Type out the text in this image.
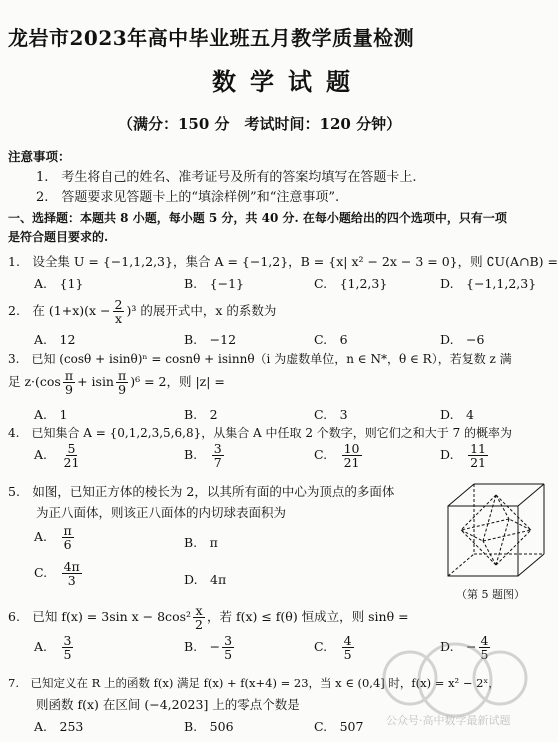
龙岩市2023年高中毕业班五月教学质量检测
数学试题
（满分：150 分　考试时间：120 分钟）
注意事项：
1.　考生将自己的姓名、准考证号及所有的答案均填写在答题卡上.
2.　答题要求见答题卡上的“填涂样例”和“注意事项”.
一、选择题：本题共 8 小题，每小题 5 分，共 40 分. 在每小题给出的四个选项中，只有一项
是符合题目要求的.
1.　设全集 U = {−1,1,2,3}，集合 A = {−1,2}，B = {x| x² − 2x − 3 = 0}，则 ∁U(A∩B) =
A.　{1}	B.　{−1}	C.　{1,2,3}	D.　{−1,1,2,3}
2.　在 $(1+x)(x - \frac{2}{x} )^3$ 的展开式中，x 的系数为
A.　12	B.　−12	C.　6	D.　−6
3.　已知 (cosθ + isinθ)ⁿ = cosnθ + isinnθ（i 为虚数单位，n ∈ N*，θ ∈ R），若复数 z 满
足 $z\cdot(\cos \frac{\pi}{9} + isin \frac{\pi}{9} )^6 = 2$，则 |z| =
A.　1	B.　2	C.　3	D.　4
4.　已知集合 A = {0,1,2,3,5,6,8}，从集合 A 中任取 2 个数字，则它们之和大于 7 的概率为
A.　 $\frac{5}{21}$	B.　 $\frac{3}{7}$	C.　 $\frac{10}{21}$	D.　 $\frac{11}{21}$
5.　如图，已知正方体的棱长为 2，以其所有面的中心为顶点的多面体
为正八面体，则该正八面体的内切球表面积为
A.　 $\frac{\pi}{6}$	B.　π
C.　 $\frac{4\pi}{3}$	D.　4π
（第 5 题图）
6.　已知 f(x) = 3sin $x - 8\cos^2 \frac{x}{2}$ ，若 f(x) ≤ f(θ) 恒成立，则 sinθ =
A.　 $\frac{3}{5}$	B.　− $\frac{3}{5}$	C.　 $\frac{4}{5}$	D.　− $\frac{4}{5}$
7.　已知定义在 R 上的函数 f(x) 满足 f(x) + f(x+4) = 23，当 x ∈ (0,4] 时，f(x) = x² − 2ˣ，
则函数 f(x) 在区间 (−4,2023] 上的零点个数是
A.　253	B.　506	C.　507 公众号·高中数学最新试题
